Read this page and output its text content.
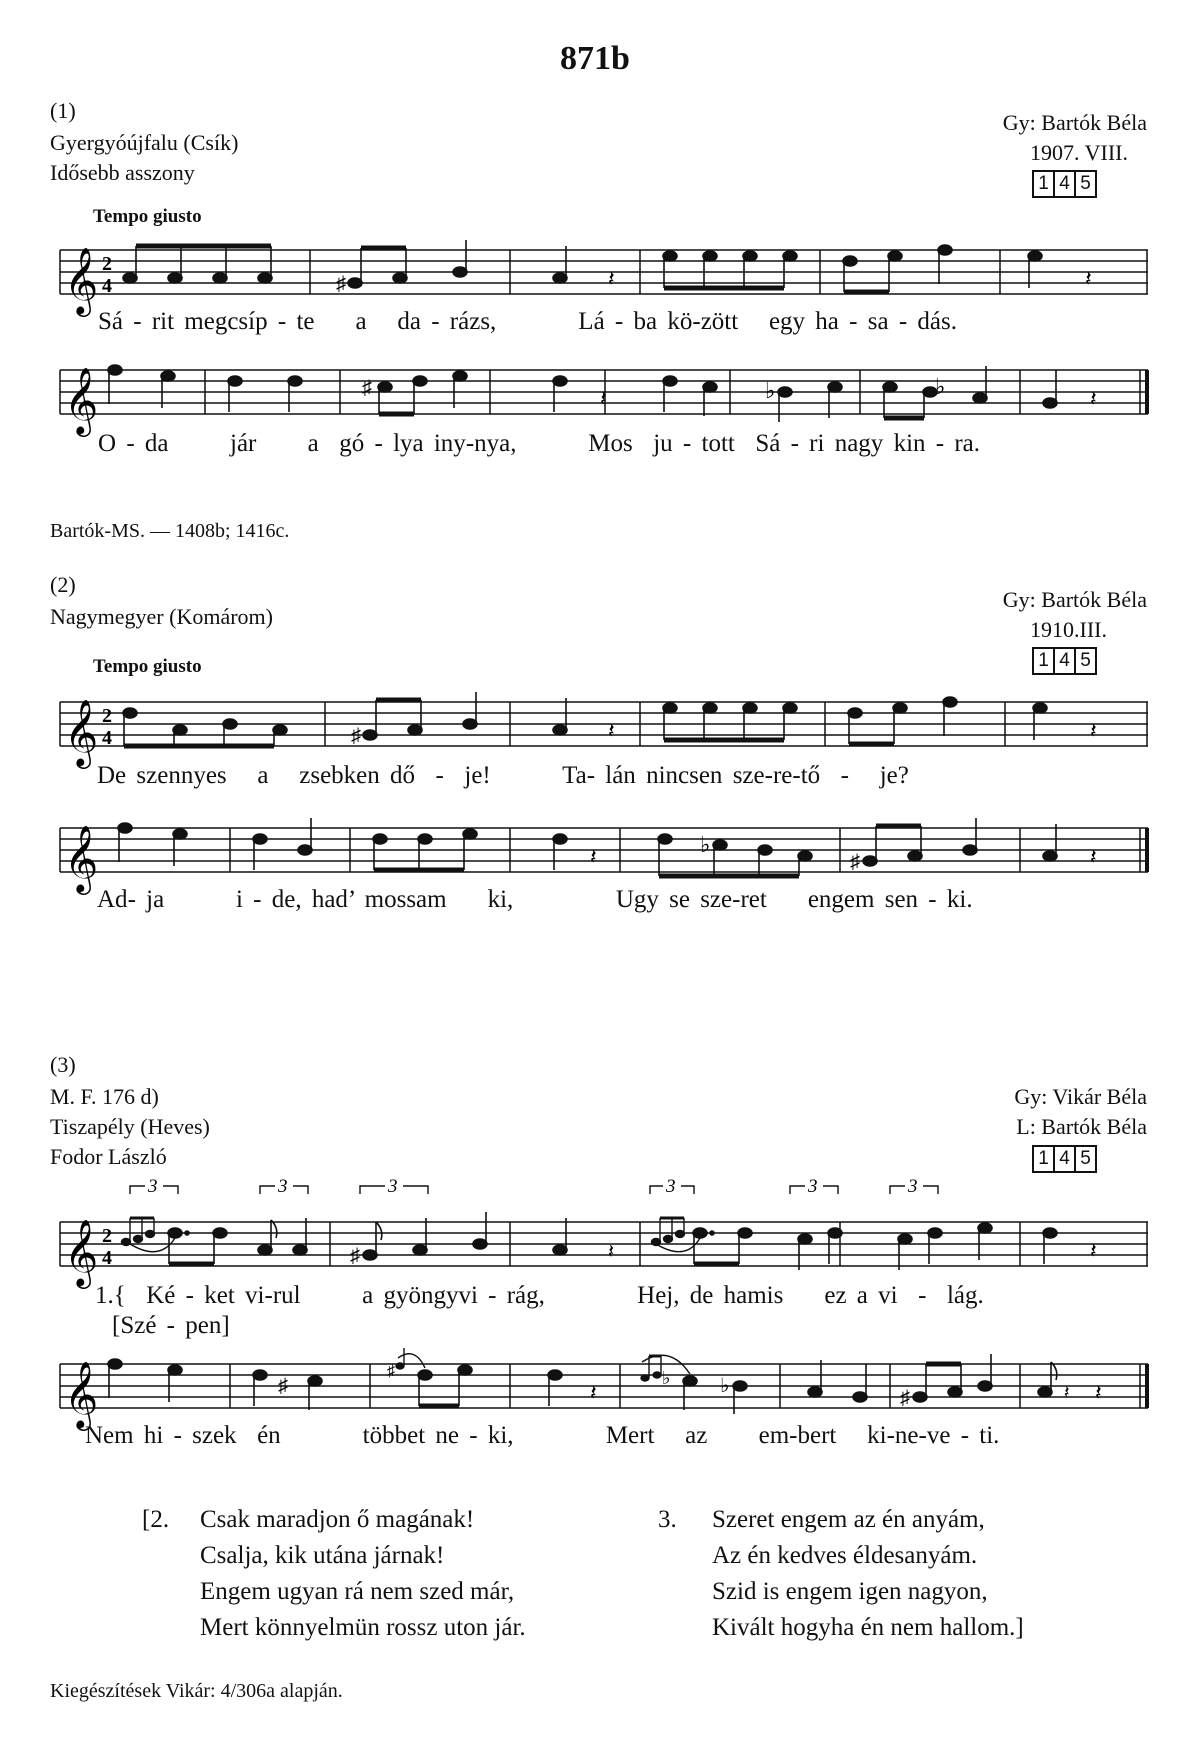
871b
(1)
Gyergyóújfalu (Csík)
Idősebb asszony
Gy: Bartók Béla
1907. VIII.
1 4 5
Tempo giusto
𝄞 2
4	♯	𝄽	𝄽
Sá - rit megcsíp - te a da - rázs,	Lá - ba kö-zött egy ha - sa - dás.
𝄞	♯	♭	♭
𝄽	𝄽
O - da jár a gó - lya iny-nya,	Mos ju - tott Sá - ri nagy kin - ra.
Bartók-MS. — 1408b; 1416c.
(2)
Nagymegyer (Komárom)
Gy: Bartók Béla
1910.III.
1 4 5
Tempo giusto
𝄞 2
4	♯	𝄽	𝄽
De szennyes a zsebken dő - je!	Ta- lán nincsen sze-re-tő - je?
𝄞	♭
♯
𝄽	𝄽
Ad- ja	i - de, had’ mossam ki,	Ugy se sze-ret engem sen - ki.
(3)
M. F. 176 d)
Tiszapély (Heves)
Fodor László
Gy: Vikár Béla
L: Bartók Béla
1 4 5
3	3	3	3	3	3
𝄞 2
4	♯	𝄽	𝄽
1.{  Ké - ket vi-rul a gyöngyvi - rág,	Hej, de hamis ez a vi - lág.
[Szé - pen]
𝄞	♯
♯	♭ ♭
♯
𝄽	𝄽 𝄽
Nem hi - szek én	többet ne - ki,	Mert az em-bert ki-ne-ve - ti.
[2. Csak maradjon ő magának!
Csalja, kik utána járnak!
Engem ugyan rá nem szed már,
Mert könnyelmün rossz uton jár.
3. Szeret engem az én anyám,
Az én kedves éldesanyám.
Szid is engem igen nagyon,
Kivált hogyha én nem hallom.]
Kiegészítések Vikár: 4/306a alapján.
